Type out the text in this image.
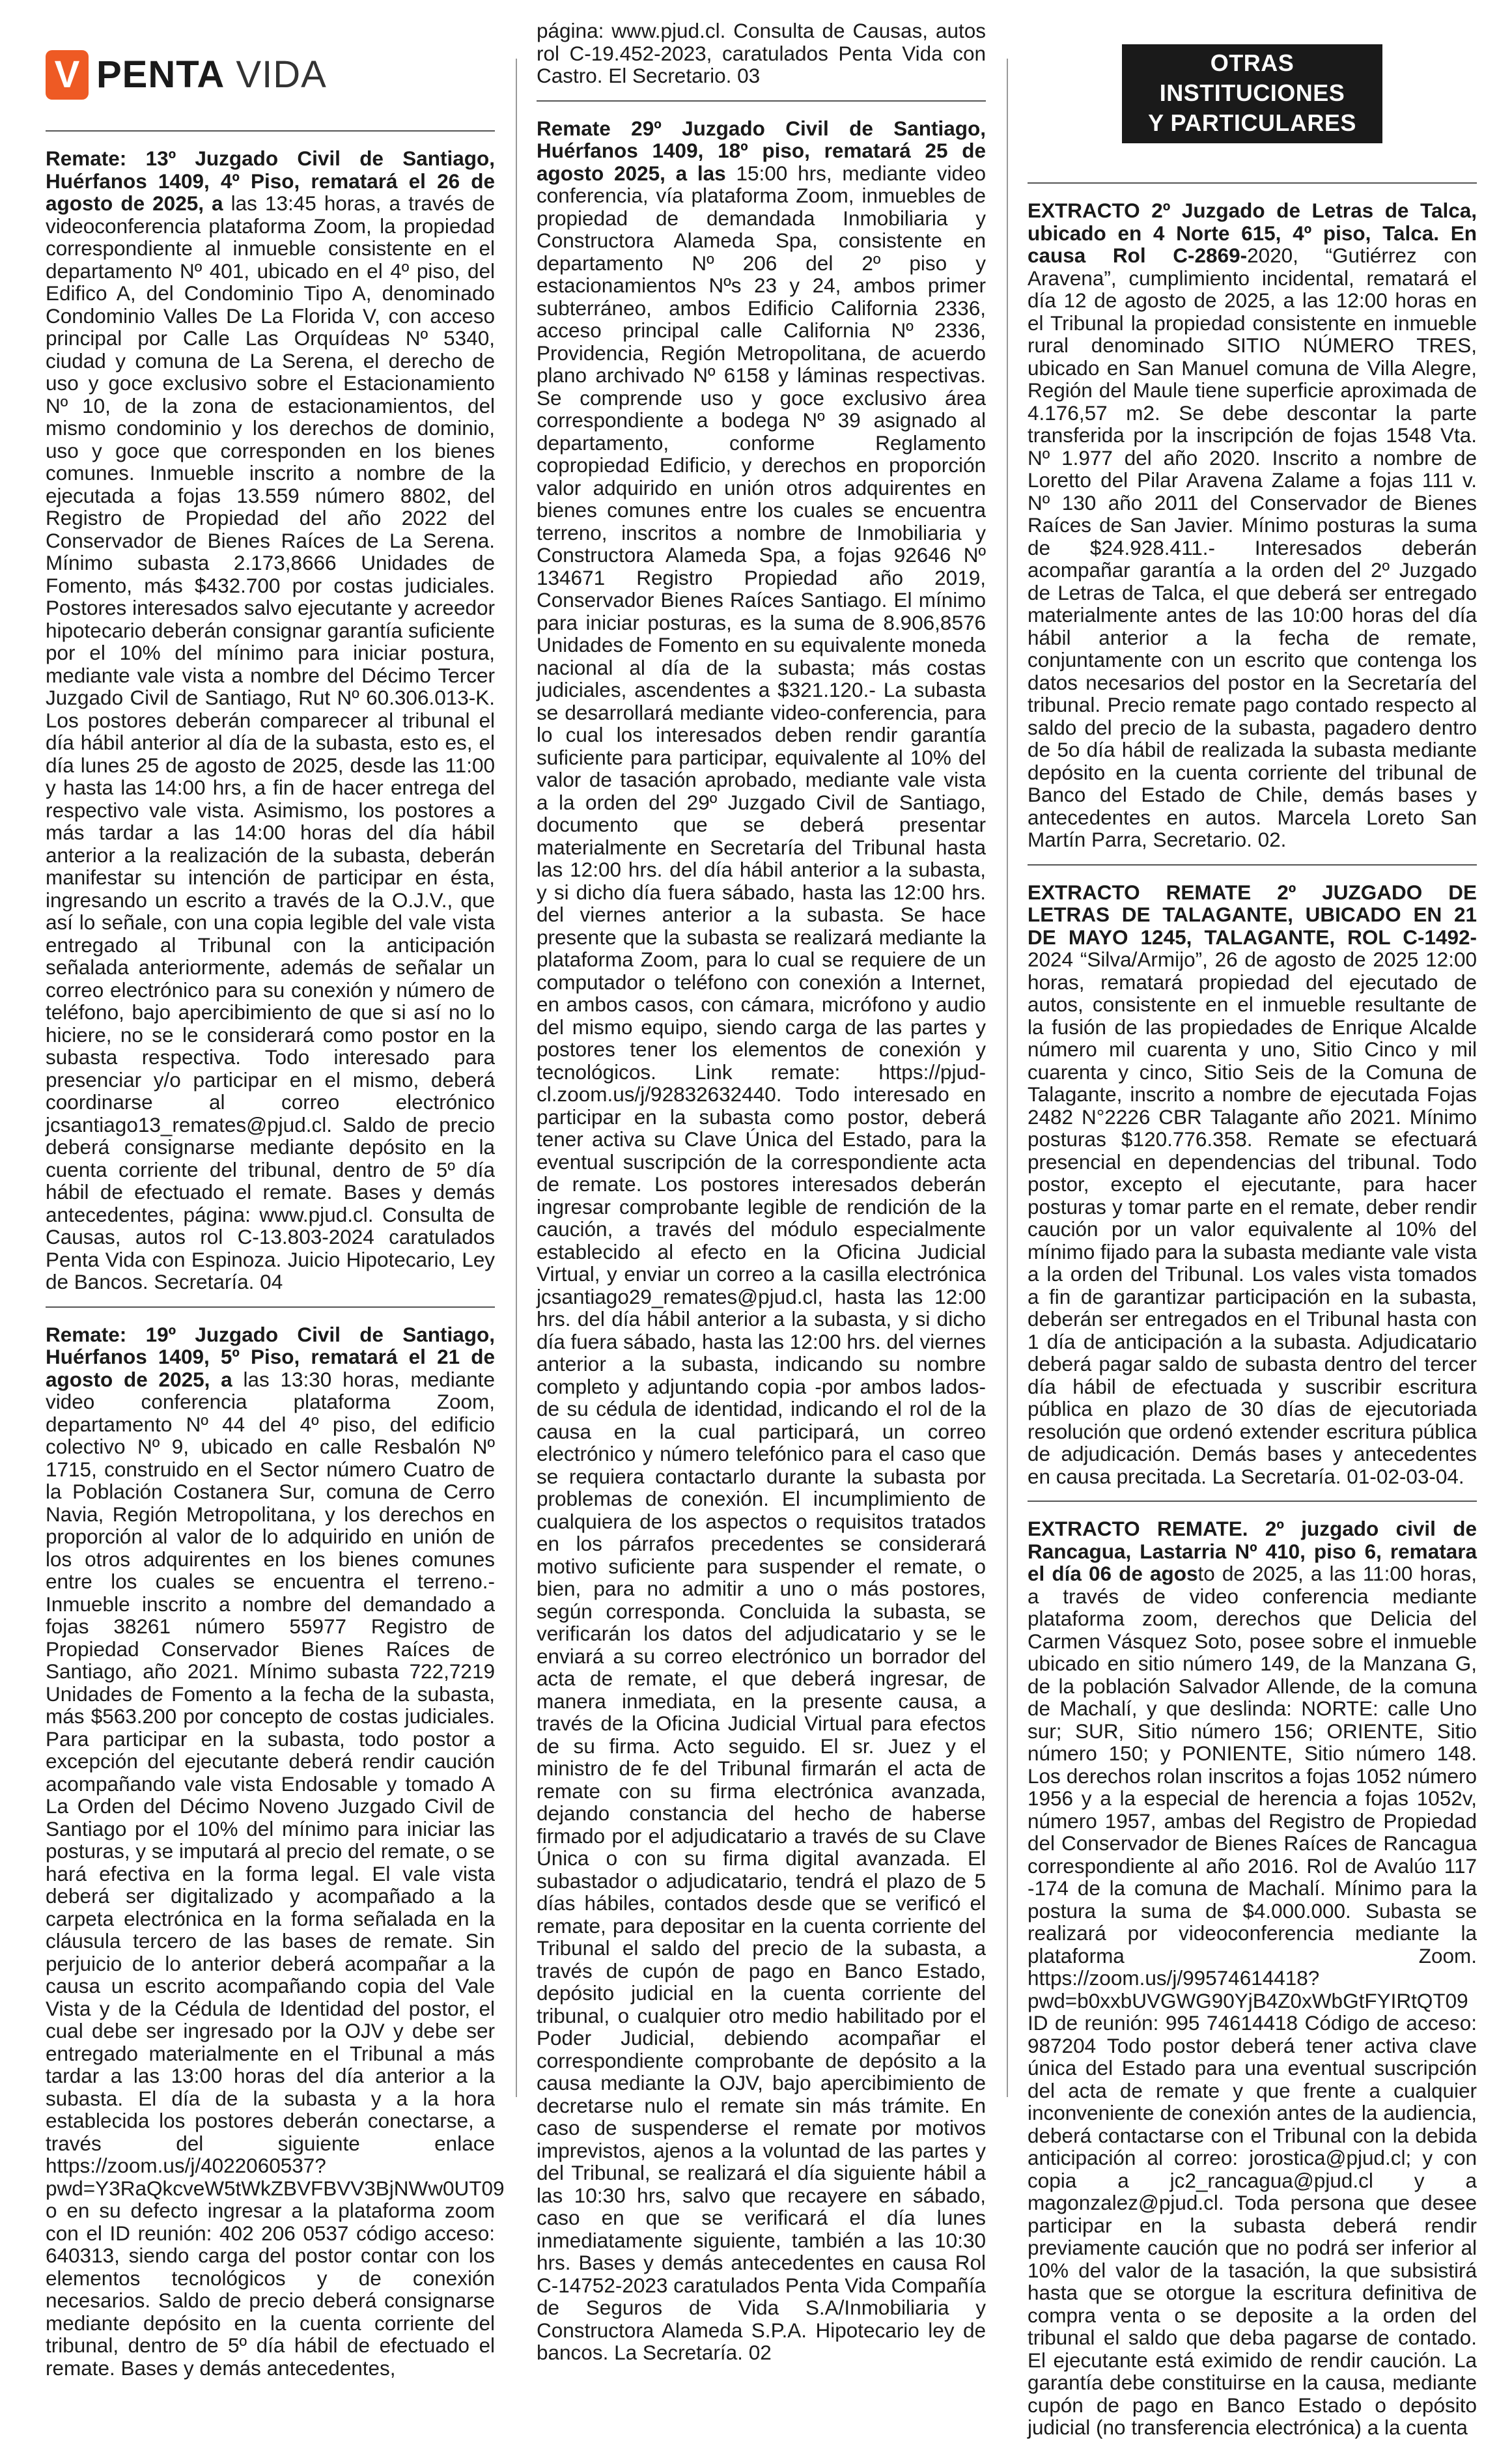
V PENTA VIDA

Remate: 13º Juzgado Civil de Santiago, Huérfanos 1409, 4º Piso, rematará el 26 de agosto de 2025, a las 13:45 horas, a través de videoconferencia plataforma Zoom, la propiedad correspondiente al inmueble consistente en el departamento Nº 401, ubicado en el 4º piso, del Edifico A, del Condominio Tipo A, denominado Condominio Valles De La Florida V, con acceso principal por Calle Las Orquídeas Nº 5340, ciudad y comuna de La Serena, el derecho de uso y goce exclusivo sobre el Estacionamiento Nº 10, de la zona de estacionamientos, del mismo condominio y los derechos de dominio, uso y goce que corresponden en los bienes comunes. Inmueble inscrito a nombre de la ejecutada a fojas 13.559 número 8802, del Registro de Propiedad del año 2022 del Conservador de Bienes Raíces de La Serena. Mínimo subasta 2.173,8666 Unidades de Fomento, más $432.700 por costas judiciales. Postores interesados salvo ejecutante y acreedor hipotecario deberán consignar garantía suficiente por el 10% del mínimo para iniciar postura, mediante vale vista a nombre del Décimo Tercer Juzgado Civil de Santiago, Rut Nº 60.306.013-K. Los postores deberán comparecer al tribunal el día hábil anterior al día de la subasta, esto es, el día lunes 25 de agosto de 2025, desde las 11:00 y hasta las 14:00 hrs, a fin de hacer entrega del respectivo vale vista. Asimismo, los postores a más tardar a las 14:00 horas del día hábil anterior a la realización de la subasta, deberán manifestar su intención de participar en ésta, ingresando un escrito a través de la O.J.V., que así lo señale, con una copia legible del vale vista entregado al Tribunal con la anticipación señalada anteriormente, además de señalar un correo electrónico para su conexión y número de teléfono, bajo apercibimiento de que si así no lo hiciere, no se le considerará como postor en la subasta respectiva. Todo interesado para presenciar y/o participar en el mismo, deberá coordinarse al correo electrónico jcsantiago13_remates@pjud.cl. Saldo de precio deberá consignarse mediante depósito en la cuenta corriente del tribunal, dentro de 5º día hábil de efectuado el remate. Bases y demás antecedentes, página: www.pjud.cl. Consulta de Causas, autos rol C-13.803-2024 caratulados Penta Vida con Espinoza. Juicio Hipotecario, Ley de Bancos. Secretaría. 04

Remate: 19º Juzgado Civil de Santiago, Huérfanos 1409, 5º Piso, rematará el 21 de agosto de 2025, a las 13:30 horas, mediante video conferencia plataforma Zoom, departamento Nº 44 del 4º piso, del edificio colectivo Nº 9, ubicado en calle Resbalón Nº 1715, construido en el Sector número Cuatro de la Población Costanera Sur, comuna de Cerro Navia, Región Metropolitana, y los derechos en proporción al valor de lo adquirido en unión de los otros adquirentes en los bienes comunes entre los cuales se encuentra el terreno.- Inmueble inscrito a nombre del demandado a fojas 38261 número 55977 Registro de Propiedad Conservador Bienes Raíces de Santiago, año 2021. Mínimo subasta 722,7219 Unidades de Fomento a la fecha de la subasta, más $563.200 por concepto de costas judiciales. Para participar en la subasta, todo postor a excepción del ejecutante deberá rendir caución acompañando vale vista Endosable y tomado A La Orden del Décimo Noveno Juzgado Civil de Santiago por el 10% del mínimo para iniciar las posturas, y se imputará al precio del remate, o se hará efectiva en la forma legal. El vale vista deberá ser digitalizado y acompañado a la carpeta electrónica en la forma señalada en la cláusula tercero de las bases de remate. Sin perjuicio de lo anterior deberá acompañar a la causa un escrito acompañando copia del Vale Vista y de la Cédula de Identidad del postor, el cual debe ser ingresado por la OJV y debe ser entregado materialmente en el Tribunal a más tardar a las 13:00 horas del día anterior a la subasta. El día de la subasta y a la hora establecida los postores deberán conectarse, a través del siguiente enlace https://zoom.us/j/4022060537?pwd=Y3RaQkcveW5tWkZBVFBVV3BjNWw0UT09 o en su defecto ingresar a la plataforma zoom con el ID reunión: 402 206 0537 código acceso: 640313, siendo carga del postor contar con los elementos tecnológicos y de conexión necesarios. Saldo de precio deberá consignarse mediante depósito en la cuenta corriente del tribunal, dentro de 5º día hábil de efectuado el remate. Bases y demás antecedentes,

página: www.pjud.cl. Consulta de Causas, autos rol C-19.452-2023, caratulados Penta Vida con Castro. El Secretario. 03

Remate 29º Juzgado Civil de Santiago, Huérfanos 1409, 18º piso, rematará 25 de agosto 2025, a las 15:00 hrs, mediante video conferencia, vía plataforma Zoom, inmuebles de propiedad de demandada Inmobiliaria y Constructora Alameda Spa, consistente en departamento Nº 206 del 2º piso y estacionamientos Nºs 23 y 24, ambos primer subterráneo, ambos Edificio California 2336, acceso principal calle California Nº 2336, Providencia, Región Metropolitana, de acuerdo plano archivado Nº 6158 y láminas respectivas. Se comprende uso y goce exclusivo área correspondiente a bodega Nº 39 asignado al departamento, conforme Reglamento copropiedad Edificio, y derechos en proporción valor adquirido en unión otros adquirentes en bienes comunes entre los cuales se encuentra terreno, inscritos a nombre de Inmobiliaria y Constructora Alameda Spa, a fojas 92646 Nº 134671 Registro Propiedad año 2019, Conservador Bienes Raíces Santiago. El mínimo para iniciar posturas, es la suma de 8.906,8576 Unidades de Fomento en su equivalente moneda nacional al día de la subasta; más costas judiciales, ascendentes a $321.120.- La subasta se desarrollará mediante video-conferencia, para lo cual los interesados deben rendir garantía suficiente para participar, equivalente al 10% del valor de tasación aprobado, mediante vale vista a la orden del 29º Juzgado Civil de Santiago, documento que se deberá presentar materialmente en Secretaría del Tribunal hasta las 12:00 hrs. del día hábil anterior a la subasta, y si dicho día fuera sábado, hasta las 12:00 hrs. del viernes anterior a la subasta. Se hace presente que la subasta se realizará mediante la plataforma Zoom, para lo cual se requiere de un computador o teléfono con conexión a Internet, en ambos casos, con cámara, micrófono y audio del mismo equipo, siendo carga de las partes y postores tener los elementos de conexión y tecnológicos. Link remate: https://pjud-cl.zoom.us/j/92832632440. Todo interesado en participar en la subasta como postor, deberá tener activa su Clave Única del Estado, para la eventual suscripción de la correspondiente acta de remate. Los postores interesados deberán ingresar comprobante legible de rendición de la caución, a través del módulo especialmente establecido al efecto en la Oficina Judicial Virtual, y enviar un correo a la casilla electrónica jcsantiago29_remates@pjud.cl, hasta las 12:00 hrs. del día hábil anterior a la subasta, y si dicho día fuera sábado, hasta las 12:00 hrs. del viernes anterior a la subasta, indicando su nombre completo y adjuntando copia -por ambos lados- de su cédula de identidad, indicando el rol de la causa en la cual participará, un correo electrónico y número telefónico para el caso que se requiera contactarlo durante la subasta por problemas de conexión. El incumplimiento de cualquiera de los aspectos o requisitos tratados en los párrafos precedentes se considerará motivo suficiente para suspender el remate, o bien, para no admitir a uno o más postores, según corresponda. Concluida la subasta, se verificarán los datos del adjudicatario y se le enviará a su correo electrónico un borrador del acta de remate, el que deberá ingresar, de manera inmediata, en la presente causa, a través de la Oficina Judicial Virtual para efectos de su firma. Acto seguido. El sr. Juez y el ministro de fe del Tribunal firmarán el acta de remate con su firma electrónica avanzada, dejando constancia del hecho de haberse firmado por el adjudicatario a través de su Clave Única o con su firma digital avanzada. El subastador o adjudicatario, tendrá el plazo de 5 días hábiles, contados desde que se verificó el remate, para depositar en la cuenta corriente del Tribunal el saldo del precio de la subasta, a través de cupón de pago en Banco Estado, depósito judicial en la cuenta corriente del tribunal, o cualquier otro medio habilitado por el Poder Judicial, debiendo acompañar el correspondiente comprobante de depósito a la causa mediante la OJV, bajo apercibimiento de decretarse nulo el remate sin más trámite. En caso de suspenderse el remate por motivos imprevistos, ajenos a la voluntad de las partes y del Tribunal, se realizará el día siguiente hábil a las 10:30 hrs, salvo que recayere en sábado, caso en que se verificará el día lunes inmediatamente siguiente, también a las 10:30 hrs. Bases y demás antecedentes en causa Rol C-14752-2023 caratulados Penta Vida Compañía de Seguros de Vida S.A/Inmobiliaria y Constructora Alameda S.P.A. Hipotecario ley de bancos. La Secretaría. 02

OTRAS INSTITUCIONES
Y PARTICULARES

EXTRACTO 2º Juzgado de Letras de Talca, ubicado en 4 Norte 615, 4º piso, Talca. En causa Rol C-2869-2020, “Gutiérrez con Aravena”, cumplimiento incidental, rematará el día 12 de agosto de 2025, a las 12:00 horas en el Tribunal la propiedad consistente en inmueble rural denominado SITIO NÚMERO TRES, ubicado en San Manuel comuna de Villa Alegre, Región del Maule tiene superficie aproximada de 4.176,57 m2. Se debe descontar la parte transferida por la inscripción de fojas 1548 Vta. Nº 1.977 del año 2020. Inscrito a nombre de Loretto del Pilar Aravena Zalame a fojas 111 v. Nº 130 año 2011 del Conservador de Bienes Raíces de San Javier. Mínimo posturas la suma de $24.928.411.- Interesados deberán acompañar garantía a la orden del 2º Juzgado de Letras de Talca, el que deberá ser entregado materialmente antes de las 10:00 horas del día hábil anterior a la fecha de remate, conjuntamente con un escrito que contenga los datos necesarios del postor en la Secretaría del tribunal. Precio remate pago contado respecto al saldo del precio de la subasta, pagadero dentro de 5o día hábil de realizada la subasta mediante depósito en la cuenta corriente del tribunal de Banco del Estado de Chile, demás bases y antecedentes en autos. Marcela Loreto San Martín Parra, Secretario. 02.

EXTRACTO REMATE 2º JUZGADO DE LETRAS DE TALAGANTE, UBICADO EN 21 DE MAYO 1245, TALAGANTE, ROL C-1492-2024 “Silva/Armijo”, 26 de agosto de 2025 12:00 horas, rematará propiedad del ejecutado de autos, consistente en el inmueble resultante de la fusión de las propiedades de Enrique Alcalde número mil cuarenta y uno, Sitio Cinco y mil cuarenta y cinco, Sitio Seis de la Comuna de Talagante, inscrito a nombre de ejecutada Fojas 2482 N°2226 CBR Talagante año 2021. Mínimo posturas $120.776.358. Remate se efectuará presencial en dependencias del tribunal. Todo postor, excepto el ejecutante, para hacer posturas y tomar parte en el remate, deber rendir caución por un valor equivalente al 10% del mínimo fijado para la subasta mediante vale vista a la orden del Tribunal. Los vales vista tomados a fin de garantizar participación en la subasta, deberán ser entregados en el Tribunal hasta con 1 día de anticipación a la subasta. Adjudicatario deberá pagar saldo de subasta dentro del tercer día hábil de efectuada y suscribir escritura pública en plazo de 30 días de ejecutoriada resolución que ordenó extender escritura pública de adjudicación. Demás bases y antecedentes en causa precitada. La Secretaría. 01-02-03-04.

EXTRACTO REMATE. 2º juzgado civil de Rancagua, Lastarria Nº 410, piso 6, rematara el día 06 de agosto de 2025, a las 11:00 horas, a través de video conferencia mediante plataforma zoom, derechos que Delicia del Carmen Vásquez Soto, posee sobre el inmueble ubicado en sitio número 149, de la Manzana G, de la población Salvador Allende, de la comuna de Machalí, y que deslinda: NORTE: calle Uno sur; SUR, Sitio número 156; ORIENTE, Sitio número 150; y PONIENTE, Sitio número 148. Los derechos rolan inscritos a fojas 1052 número 1956 y a la especial de herencia a fojas 1052v, número 1957, ambas del Registro de Propiedad del Conservador de Bienes Raíces de Rancagua correspondiente al año 2016. Rol de Avalúo 117 -174 de la comuna de Machalí. Mínimo para la postura la suma de $4.000.000. Subasta se realizará por videoconferencia mediante la plataforma Zoom. https://zoom.us/j/99574614418?pwd=b0xxbUVGWG90YjB4Z0xWbGtFYIRtQT09 ID de reunión: 995 74614418 Código de acceso: 987204 Todo postor deberá tener activa clave única del Estado para una eventual suscripción del acta de remate y que frente a cualquier inconveniente de conexión antes de la audiencia, deberá contactarse con el Tribunal con la debida anticipación al correo: jorostica@pjud.cl; y con copia a jc2_rancagua@pjud.cl y a magonzalez@pjud.cl. Toda persona que desee participar en la subasta deberá rendir previamente caución que no podrá ser inferior al 10% del valor de la tasación, la que subsistirá hasta que se otorgue la escritura definitiva de compra venta o se deposite a la orden del tribunal el saldo que deba pagarse de contado. El ejecutante está eximido de rendir caución. La garantía debe constituirse en la causa, mediante cupón de pago en Banco Estado o depósito judicial (no transferencia electrónica) a la cuenta
